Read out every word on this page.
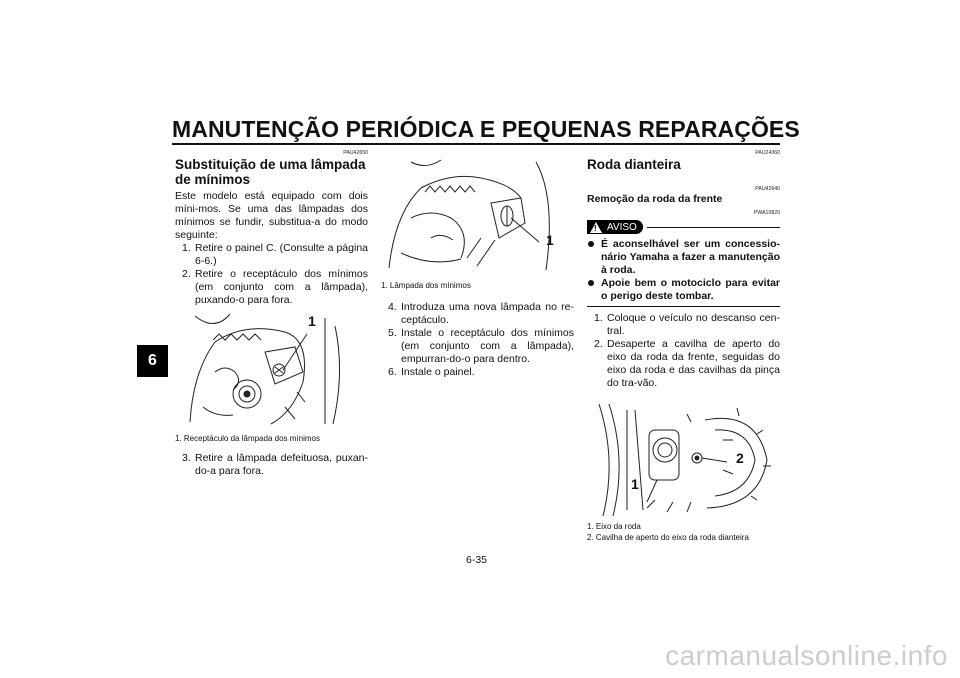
MANUTENÇÃO PERIÓDICA E PEQUENAS REPARAÇÕES
6
PAU42650
Substituição de uma lâmpada de mínimos

Este modelo está equipado com dois míni-mos. Se uma das lâmpadas dos mínimos se fundir, substitua-a do modo seguinte:

1. Retire o painel C. (Consulte a página 6-6.)
2. Retire o receptáculo dos mínimos (em conjunto com a lâmpada), puxando-o para fora.
1

1. Receptáculo da lâmpada dos mínimos

3. Retire a lâmpada defeituosa, puxan-do-a para fora.
1

1. Lâmpada dos mínimos

4. Introduza uma nova lâmpada no re-ceptáculo.
5. Instale o receptáculo dos mínimos (em conjunto com a lâmpada), empurran-do-o para dentro.
6. Instale o painel.
PAU24360
Roda dianteira
PAU42640
Remoção da roda da frente
PWA10820
! AVISO
É aconselhável ser um concessio-nário Yamaha a fazer a manutenção à roda.
Apoie bem o motociclo para evitar o perigo deste tombar.
1. Coloque o veículo no descanso cen-tral.
2. Desaperte a cavilha de aperto do eixo da roda da frente, seguidas do eixo da roda e das cavilhas da pinça do tra-vão.
1
2

1. Eixo da roda

2. Cavilha de aperto do eixo da roda dianteira

6-35
carmanualsonline.info
